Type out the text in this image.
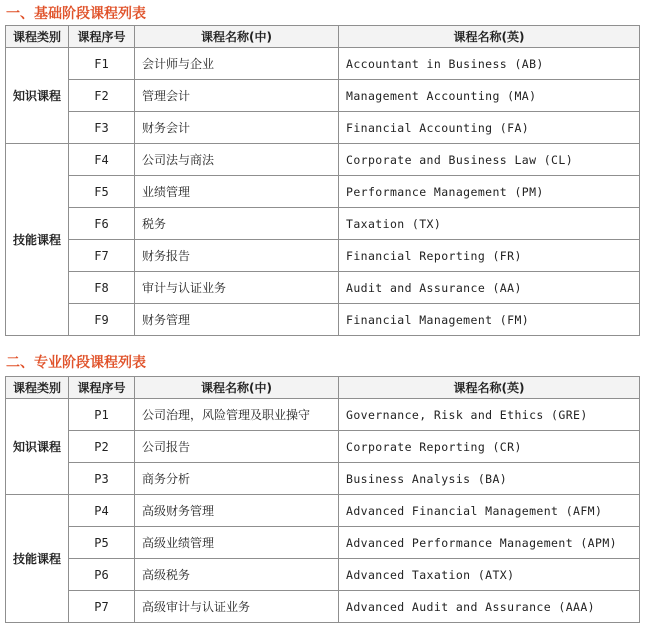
一、基础阶段课程列表
课程类别	课程序号	课程名称(中)	课程名称(英)
知识课程	F1	会计师与企业	Accountant in Business (AB)
	F2	管理会计	Management Accounting (MA)
	F3	财务会计	Financial Accounting (FA)
技能课程	F4	公司法与商法	Corporate and Business Law (CL)
	F5	业绩管理	Performance Management (PM)
	F6	税务	Taxation (TX)
	F7	财务报告	Financial Reporting (FR)
	F8	审计与认证业务	Audit and Assurance (AA)
	F9	财务管理	Financial Management (FM)
二、专业阶段课程列表
课程类别	课程序号	课程名称(中)	课程名称(英)
知识课程	P1	公司治理，风险管理及职业操守	Governance, Risk and Ethics (GRE)
	P2	公司报告	Corporate Reporting (CR)
	P3	商务分析	Business Analysis (BA)
技能课程	P4	高级财务管理	Advanced Financial Management (AFM)
	P5	高级业绩管理	Advanced Performance Management (APM)
	P6	高级税务	Advanced Taxation (ATX)
	P7	高级审计与认证业务	Advanced Audit and Assurance (AAA)
